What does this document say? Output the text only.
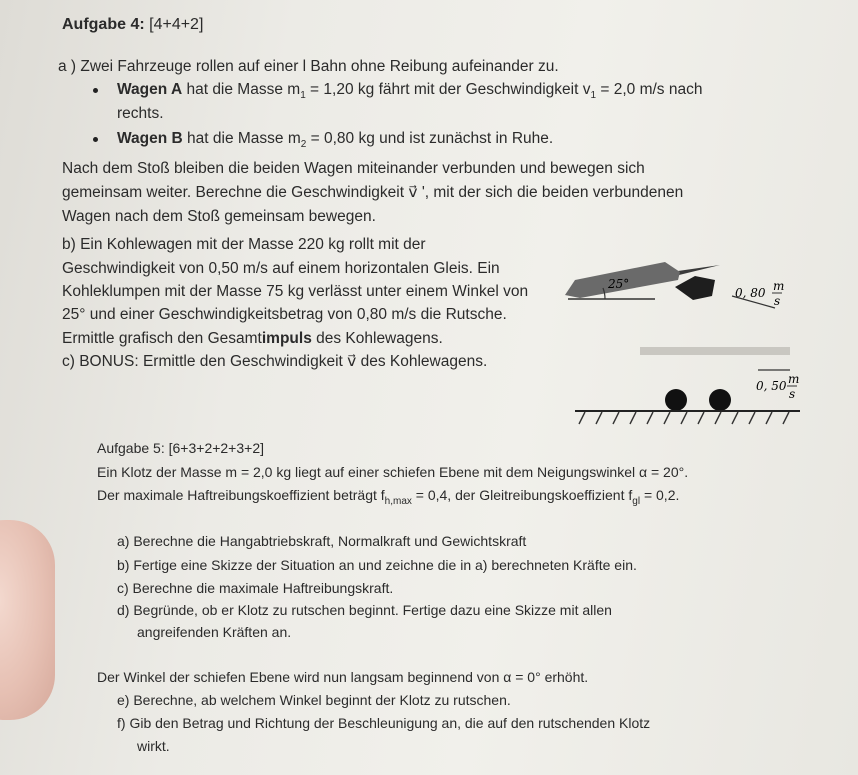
Aufgabe 4: [4+4+2]
a ) Zwei Fahrzeuge rollen auf einer l Bahn ohne Reibung aufeinander zu.
Wagen A hat die Masse $m_1 = 1,20$ kg fährt mit der Geschwindigkeit $v_1 = 2,0$ m/s nach
rechts.
Wagen B hat die Masse $m_2 = 0,80$ kg und ist zunächst in Ruhe.
Nach dem Stoß bleiben die beiden Wagen miteinander verbunden und bewegen sich
gemeinsam weiter. Berechne die Geschwindigkeit v⃗ ', mit der sich die beiden verbundenen
Wagen nach dem Stoß gemeinsam bewegen.
b) Ein Kohlewagen mit der Masse 220 kg rollt mit der
Geschwindigkeit von 0,50 m/s auf einem horizontalen Gleis. Ein
Kohleklumpen mit der Masse 75 kg verlässt unter einem Winkel von
25° und einer Geschwindigkeitsbetrag von 0,80 m/s die Rutsche.
Ermittle grafisch den Gesamtimpuls des Kohlewagens.
c) BONUS: Ermittle den Geschwindigkeit v⃗ des Kohlewagens.
25°
0, 80 m
s
0, 50 m
s
Aufgabe 5: [6+3+2+2+3+2]
Ein Klotz der Masse m = 2,0 kg liegt auf einer schiefen Ebene mit dem Neigungswinkel α = 20°.
Der maximale Haftreibungskoeffizient beträgt $f_{h,max} = 0,4$, der Gleitreibungskoeffizient $f_{gl} = 0,2$.
a) Berechne die Hangabtriebskraft, Normalkraft und Gewichtskraft
b) Fertige eine Skizze der Situation an und zeichne die in a) berechneten Kräfte ein.
c) Berechne die maximale Haftreibungskraft.
d) Begründe, ob er Klotz zu rutschen beginnt. Fertige dazu eine Skizze mit allen
angreifenden Kräften an.
Der Winkel der schiefen Ebene wird nun langsam beginnend von α = 0° erhöht.
e) Berechne, ab welchem Winkel beginnt der Klotz zu rutschen.
f) Gib den Betrag und Richtung der Beschleunigung an, die auf den rutschenden Klotz
wirkt.
